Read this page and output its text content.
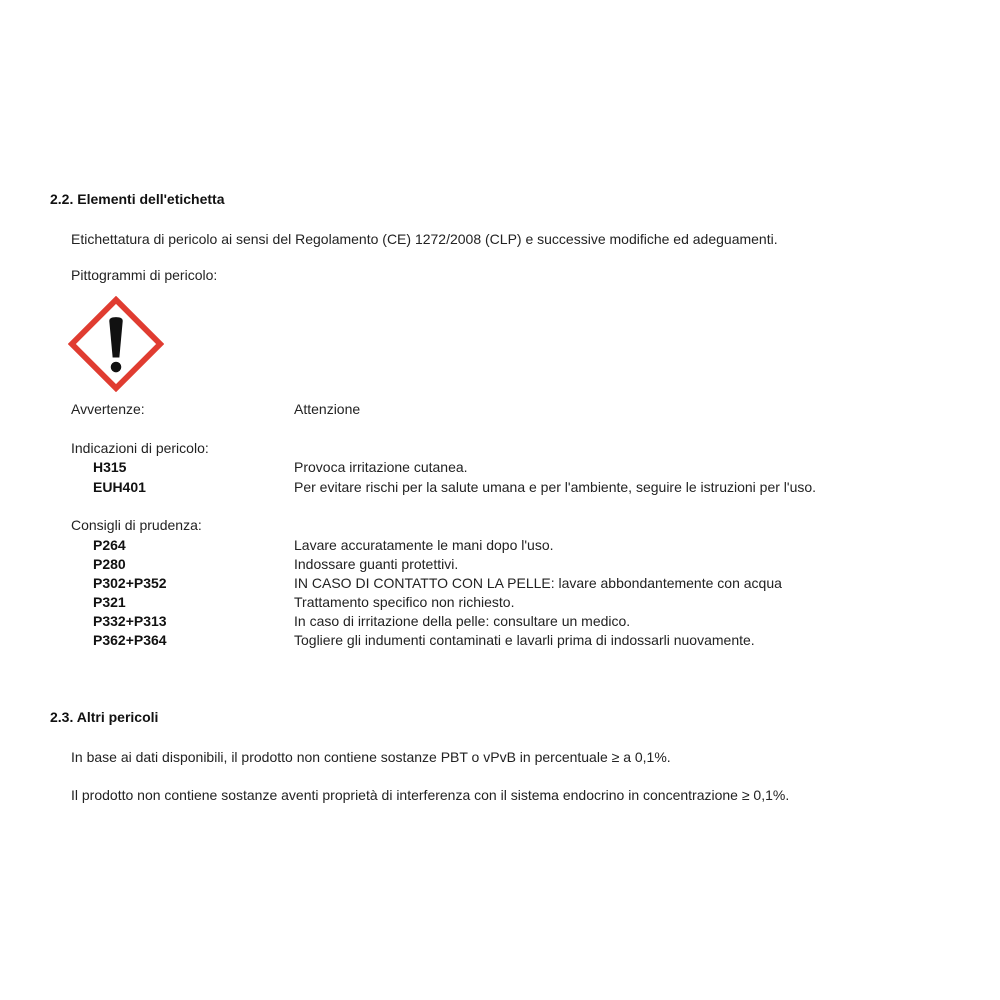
2.2. Elementi dell'etichetta
Etichettatura di pericolo ai sensi del Regolamento (CE) 1272/2008 (CLP) e successive modifiche ed adeguamenti.
Pittogrammi di pericolo:
Avvertenze:	Attenzione
Indicazioni di pericolo:
H315	Provoca irritazione cutanea.
EUH401	Per evitare rischi per la salute umana e per l'ambiente, seguire le istruzioni per l'uso.
Consigli di prudenza:
P264	Lavare accuratamente le mani dopo l'uso.
P280	Indossare guanti protettivi.
P302+P352	IN CASO DI CONTATTO CON LA PELLE: lavare abbondantemente con acqua
P321	Trattamento specifico non richiesto.
P332+P313	In caso di irritazione della pelle: consultare un medico.
P362+P364	Togliere gli indumenti contaminati e lavarli prima di indossarli nuovamente.
2.3. Altri pericoli
In base ai dati disponibili, il prodotto non contiene sostanze PBT o vPvB in percentuale ≥ a 0,1%.
Il prodotto non contiene sostanze aventi proprietà di interferenza con il sistema endocrino in concentrazione ≥ 0,1%.
